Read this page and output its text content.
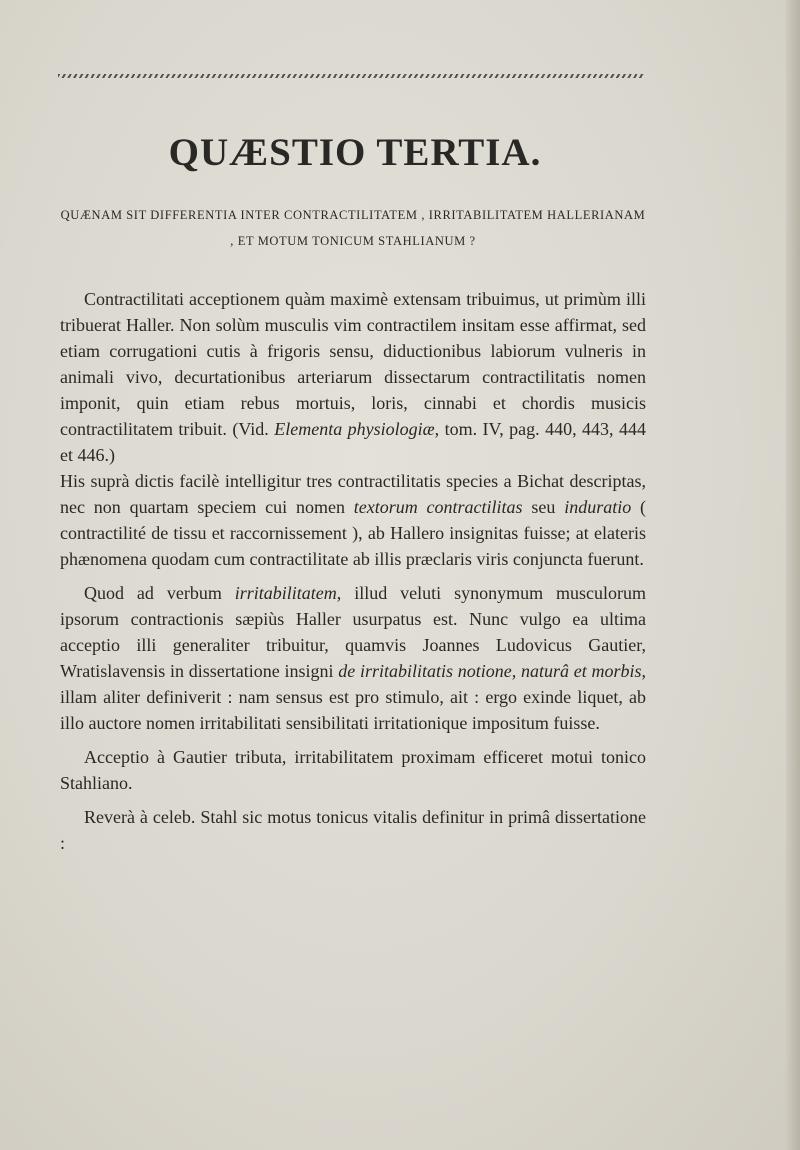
QUÆSTIO TERTIA.

QUÆNAM SIT DIFFERENTIA INTER CONTRACTILITATEM , IRRITABILITATEM HALLERIANAM , ET MOTUM TONICUM STAHLIANUM ?

Contractilitati acceptionem quàm maximè extensam tribuimus, ut primùm illi tribuerat Haller. Non solùm musculis vim contractilem insitam esse affirmat, sed etiam corrugationi cutis à frigoris sensu, diductionibus labiorum vulneris in animali vivo, decurtationibus arteriarum dissectarum contractilitatis nomen imponit, quin etiam rebus mortuis, loris, cinnabi et chordis musicis contractilitatem tribuit. (Vid. Elementa physiologiæ, tom. IV, pag. 440, 443, 444 et 446.)

His suprà dictis facilè intelligitur tres contractilitatis species a Bichat descriptas, nec non quartam speciem cui nomen textorum contractilitas seu induratio ( contractilité de tissu et raccornissement ), ab Hallero insignitas fuisse; at elateris phænomena quodam cum contractilitate ab illis præclaris viris conjuncta fuerunt.

Quod ad verbum irritabilitatem, illud veluti synonymum musculorum ipsorum contractionis sæpiùs Haller usurpatus est. Nunc vulgo ea ultima acceptio illi generaliter tribuitur, quamvis Joannes Ludovicus Gautier, Wratislavensis in dissertatione insigni de irritabilitatis notione, naturâ et morbis, illam aliter definiverit : nam sensus est pro stimulo, ait : ergo exinde liquet, ab illo auctore nomen irritabilitati sensibilitati irritationique impositum fuisse.

Acceptio à Gautier tributa, irritabilitatem proximam efficeret motui tonico Stahliano.

Reverà à celeb. Stahl sic motus tonicus vitalis definitur in primâ dissertatione :
